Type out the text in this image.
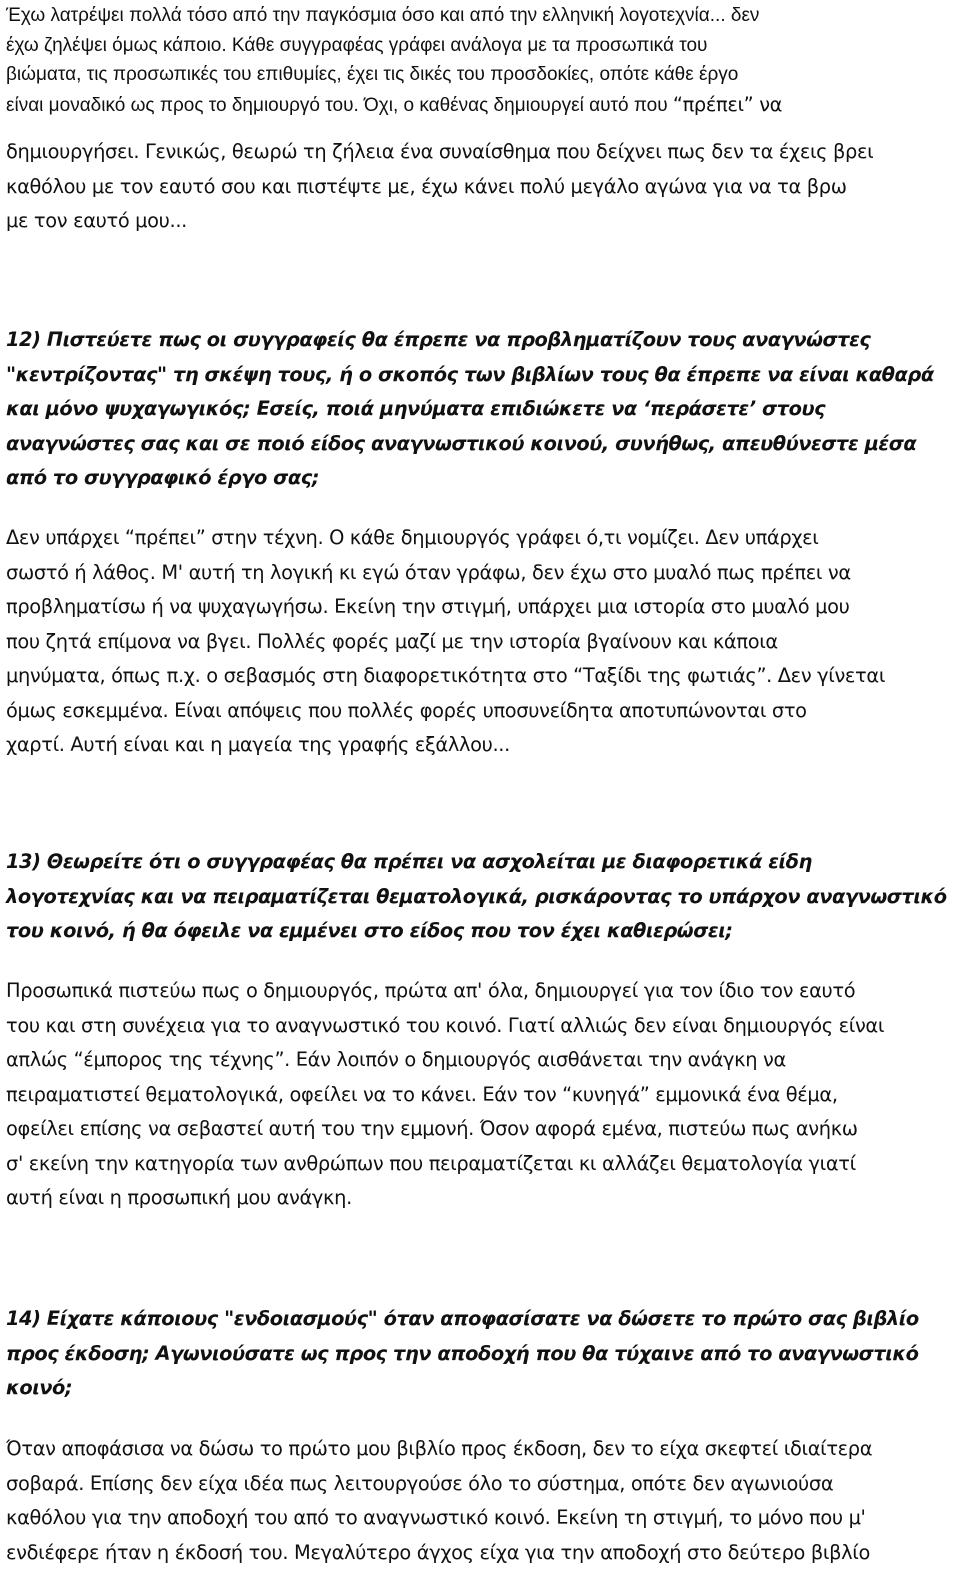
Έχω λατρέψει πολλά τόσο από την παγκόσμια όσο και από την ελληνική λογοτεχνία... δεν
έχω ζηλέψει όμως κάποιο. Κάθε συγγραφέας γράφει ανάλογα με τα προσωπικά του
βιώματα, τις προσωπικές του επιθυμίες, έχει τις δικές του προσδοκίες, οπότε κάθε έργο
είναι μοναδικό ως προς το δημιουργό του. Όχι, ο καθένας δημιουργεί αυτό που “πρέπει” να
δημιουργήσει. Γενικώς, θεωρώ τη ζήλεια ένα συναίσθημα που δείχνει πως δεν τα έχεις βρει
καθόλου με τον εαυτό σου και πιστέψτε με, έχω κάνει πολύ μεγάλο αγώνα για να τα βρω
με τον εαυτό μου...
12) Πιστεύετε πως οι συγγραφείς θα έπρεπε να προβληματίζουν τους αναγνώστες
"κεντρίζοντας" τη σκέψη τους, ή ο σκοπός των βιβλίων τους θα έπρεπε να είναι καθαρά
και μόνο ψυχαγωγικός; Εσείς, ποιά μηνύματα επιδιώκετε να ‘περάσετε’ στους
αναγνώστες σας και σε ποιό είδος αναγνωστικού κοινού, συνήθως, απευθύνεστε μέσα
από το συγγραφικό έργο σας;
Δεν υπάρχει “πρέπει” στην τέχνη. Ο κάθε δημιουργός γράφει ό,τι νομίζει. Δεν υπάρχει
σωστό ή λάθος. Μ' αυτή τη λογική κι εγώ όταν γράφω, δεν έχω στο μυαλό πως πρέπει να
προβληματίσω ή να ψυχαγωγήσω. Εκείνη την στιγμή, υπάρχει μια ιστορία στο μυαλό μου
που ζητά επίμονα να βγει. Πολλές φορές μαζί με την ιστορία βγαίνουν και κάποια
μηνύματα, όπως π.χ. ο σεβασμός στη διαφορετικότητα στο “Ταξίδι της φωτιάς”. Δεν γίνεται
όμως εσκεμμένα. Είναι απόψεις που πολλές φορές υποσυνείδητα αποτυπώνονται στο
χαρτί. Αυτή είναι και η μαγεία της γραφής εξάλλου...
13) Θεωρείτε ότι ο συγγραφέας θα πρέπει να ασχολείται με διαφορετικά είδη
λογοτεχνίας και να πειραματίζεται θεματολογικά, ρισκάροντας το υπάρχον αναγνωστικό
του κοινό, ή θα όφειλε να εμμένει στο είδος που τον έχει καθιερώσει;
Προσωπικά πιστεύω πως ο δημιουργός, πρώτα απ' όλα, δημιουργεί για τον ίδιο τον εαυτό
του και στη συνέχεια για το αναγνωστικό του κοινό. Γιατί αλλιώς δεν είναι δημιουργός είναι
απλώς “έμπορος της τέχνης”. Εάν λοιπόν ο δημιουργός αισθάνεται την ανάγκη να
πειραματιστεί θεματολογικά, οφείλει να το κάνει. Εάν τον “κυνηγά” εμμονικά ένα θέμα,
οφείλει επίσης να σεβαστεί αυτή του την εμμονή. Όσον αφορά εμένα, πιστεύω πως ανήκω
σ' εκείνη την κατηγορία των ανθρώπων που πειραματίζεται κι αλλάζει θεματολογία γιατί
αυτή είναι η προσωπική μου ανάγκη.
14) Είχατε κάποιους "ενδοιασμούς" όταν αποφασίσατε να δώσετε το πρώτο σας βιβλίο
προς έκδοση; Αγωνιούσατε ως προς την αποδοχή που θα τύχαινε από το αναγνωστικό
κοινό;
Όταν αποφάσισα να δώσω το πρώτο μου βιβλίο προς έκδοση, δεν το είχα σκεφτεί ιδιαίτερα
σοβαρά. Επίσης δεν είχα ιδέα πως λειτουργούσε όλο το σύστημα, οπότε δεν αγωνιούσα
καθόλου για την αποδοχή του από το αναγνωστικό κοινό. Εκείνη τη στιγμή, το μόνο που μ'
ενδιέφερε ήταν η έκδοσή του. Μεγαλύτερο άγχος είχα για την αποδοχή στο δεύτερο βιβλίο
